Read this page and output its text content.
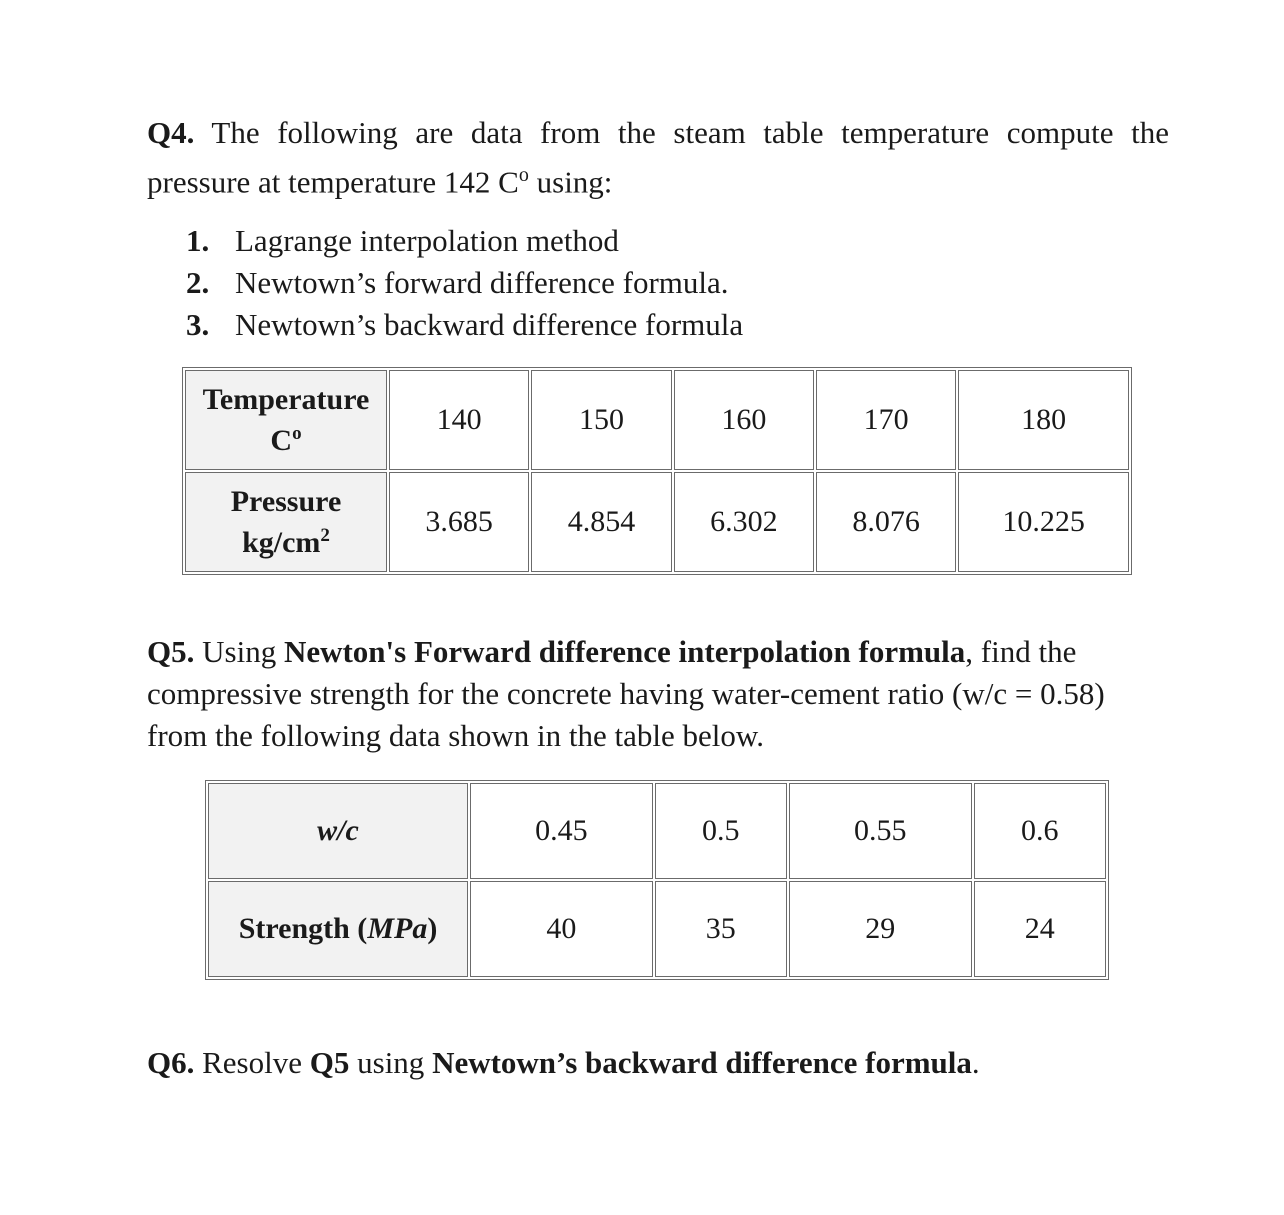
Q4. The following are data from the steam table temperature compute the pressure at temperature 142 $C^o$ using:

1. Lagrange interpolation method
2. Newtown’s forward difference formula.
3. Newtown’s backward difference formula
Temperature
$C^o$	140	150	160	170	180

Pressure
$kg/cm^2$	3.685	4.854	6.302	8.076	10.225

Q5. Using Newton's Forward difference interpolation formula, find the compressive strength for the concrete having water-cement ratio (w/c = 0.58) from the following data shown in the table below.

w/c	0.45	0.5	0.55	0.6
Strength (MPa)	40	35	29	24

Q6. Resolve Q5 using Newtown’s backward difference formula.
